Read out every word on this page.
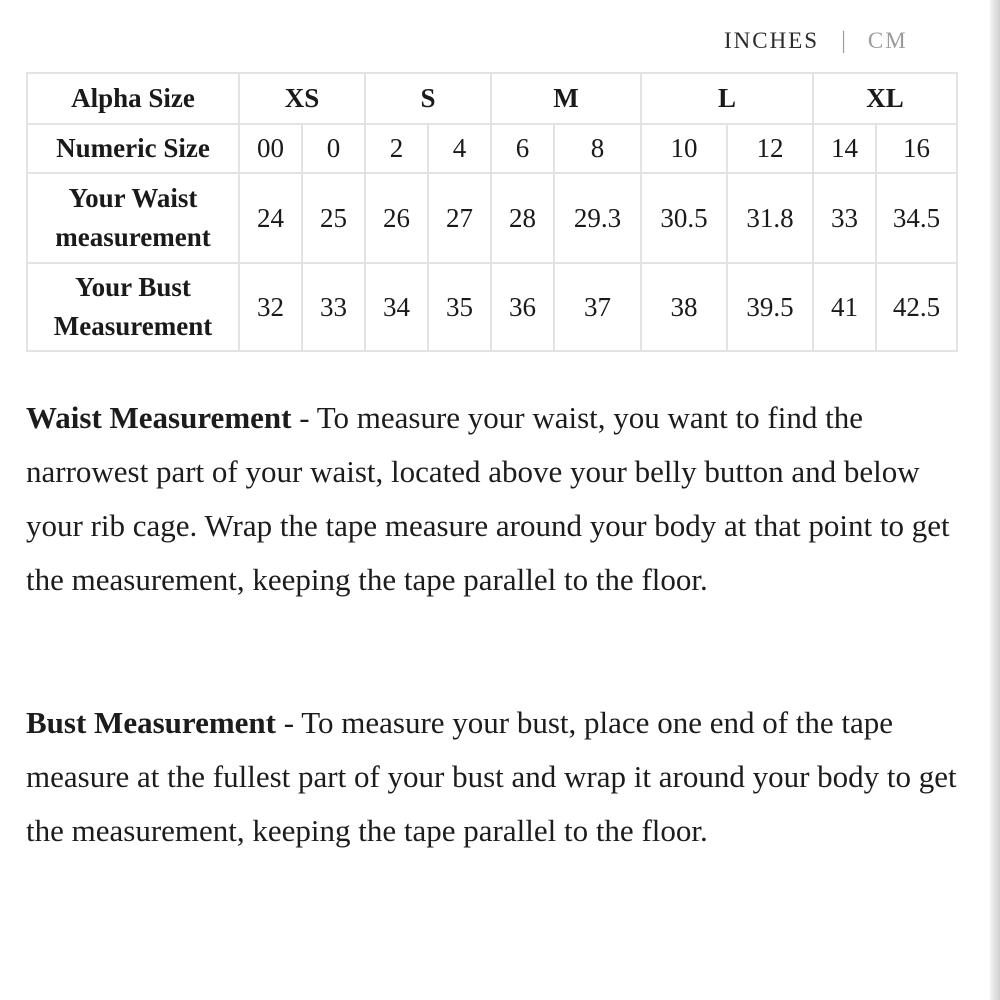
INCHES | CM
Alpha Size	XS		S		M		L		XL	
Numeric Size	00	0	2	4	6	8	10	12	14	16
Your Waist
measurement	24	25	26	27	28	29.3	30.5	31.8	33	34.5
Your Bust
Measurement	32	33	34	35	36	37	38	39.5	41	42.5

Waist Measurement - To measure your waist, you want to find the narrowest part of your waist, located above your belly button and below your rib cage. Wrap the tape measure around your body at that point to get the measurement, keeping the tape parallel to the floor.

Bust Measurement - To measure your bust, place one end of the tape measure at the fullest part of your bust and wrap it around your body to get the measurement, keeping the tape parallel to the floor.
